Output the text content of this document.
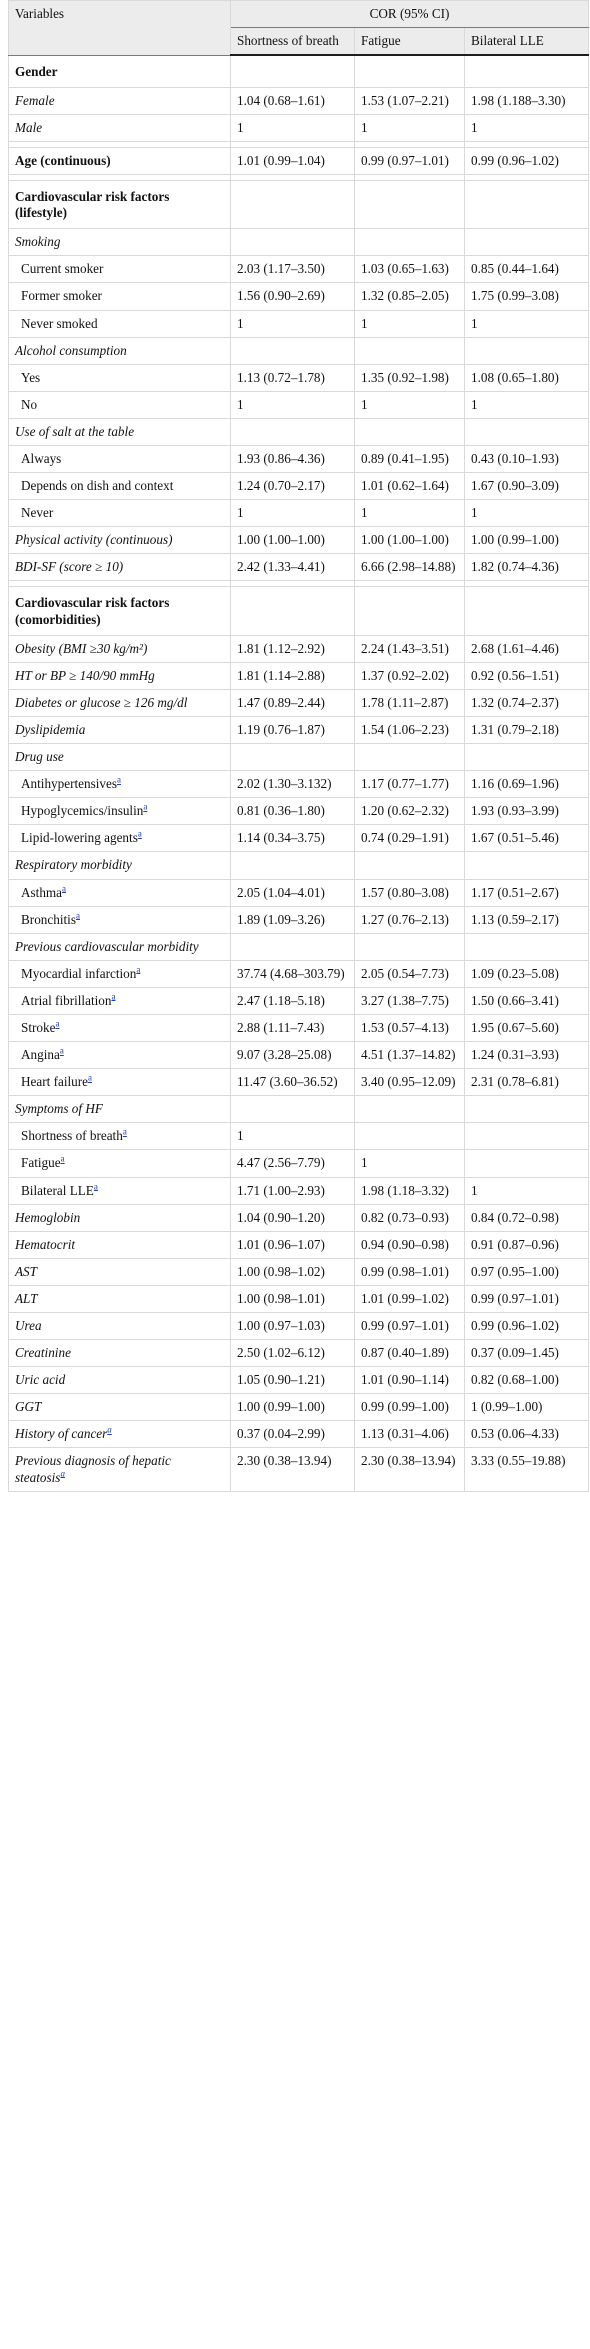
Variables	COR (95% CI)		
	Shortness of breath	Fatigue	Bilateral LLE
Gender			
Female	1.04 (0.68–1.61)	1.53 (1.07–2.21)	1.98 (1.188–3.30)
Male	1	1	1

Age (continuous)	1.01 (0.99–1.04)	0.99 (0.97–1.01)	0.99 (0.96–1.02)

Cardiovascular risk factors (lifestyle)			
Smoking			
Current smoker	2.03 (1.17–3.50)	1.03 (0.65–1.63)	0.85 (0.44–1.64)
Former smoker	1.56 (0.90–2.69)	1.32 (0.85–2.05)	1.75 (0.99–3.08)
Never smoked	1	1	1
Alcohol consumption			
Yes	1.13 (0.72–1.78)	1.35 (0.92–1.98)	1.08 (0.65–1.80)
No	1	1	1
Use of salt at the table			
Always	1.93 (0.86–4.36)	0.89 (0.41–1.95)	0.43 (0.10–1.93)
Depends on dish and context	1.24 (0.70–2.17)	1.01 (0.62–1.64)	1.67 (0.90–3.09)
Never	1	1	1
Physical activity (continuous)	1.00 (1.00–1.00)	1.00 (1.00–1.00)	1.00 (0.99–1.00)
BDI-SF (score ≥ 10)	2.42 (1.33–4.41)	6.66 (2.98–14.88)	1.82 (0.74–4.36)

Cardiovascular risk factors (comorbidities)			
Obesity (BMI ≥30 kg/m²)	1.81 (1.12–2.92)	2.24 (1.43–3.51)	2.68 (1.61–4.46)
HT or BP ≥ 140/90 mmHg	1.81 (1.14–2.88)	1.37 (0.92–2.02)	0.92 (0.56–1.51)
Diabetes or glucose ≥ 126 mg/dl	1.47 (0.89–2.44)	1.78 (1.11–2.87)	1.32 (0.74–2.37)
Dyslipidemia	1.19 (0.76–1.87)	1.54 (1.06–2.23)	1.31 (0.79–2.18)
Drug use			
Antihypertensives$^a$	2.02 (1.30–3.132)	1.17 (0.77–1.77)	1.16 (0.69–1.96)
Hypoglycemics/insulin$^a$	0.81 (0.36–1.80)	1.20 (0.62–2.32)	1.93 (0.93–3.99)
Lipid-lowering agents$^a$	1.14 (0.34–3.75)	0.74 (0.29–1.91)	1.67 (0.51–5.46)
Respiratory morbidity			
Asthma$^a$	2.05 (1.04–4.01)	1.57 (0.80–3.08)	1.17 (0.51–2.67)
Bronchitis$^a$	1.89 (1.09–3.26)	1.27 (0.76–2.13)	1.13 (0.59–2.17)
Previous cardiovascular morbidity			
Myocardial infarction$^a$	37.74 (4.68–303.79)	2.05 (0.54–7.73)	1.09 (0.23–5.08)
Atrial fibrillation$^a$	2.47 (1.18–5.18)	3.27 (1.38–7.75)	1.50 (0.66–3.41)
Stroke$^a$	2.88 (1.11–7.43)	1.53 (0.57–4.13)	1.95 (0.67–5.60)
Angina$^a$	9.07 (3.28–25.08)	4.51 (1.37–14.82)	1.24 (0.31–3.93)
Heart failure$^a$	11.47 (3.60–36.52)	3.40 (0.95–12.09)	2.31 (0.78–6.81)
Symptoms of HF			
Shortness of breath$^a$	1		
Fatigue$^a$	4.47 (2.56–7.79)	1	
Bilateral LLE$^a$	1.71 (1.00–2.93)	1.98 (1.18–3.32)	1
Hemoglobin	1.04 (0.90–1.20)	0.82 (0.73–0.93)	0.84 (0.72–0.98)
Hematocrit	1.01 (0.96–1.07)	0.94 (0.90–0.98)	0.91 (0.87–0.96)
AST	1.00 (0.98–1.02)	0.99 (0.98–1.01)	0.97 (0.95–1.00)
ALT	1.00 (0.98–1.01)	1.01 (0.99–1.02)	0.99 (0.97–1.01)
Urea	1.00 (0.97–1.03)	0.99 (0.97–1.01)	0.99 (0.96–1.02)
Creatinine	2.50 (1.02–6.12)	0.87 (0.40–1.89)	0.37 (0.09–1.45)
Uric acid	1.05 (0.90–1.21)	1.01 (0.90–1.14)	0.82 (0.68–1.00)
GGT	1.00 (0.99–1.00)	0.99 (0.99–1.00)	1 (0.99–1.00)
History of cancer$^a$	0.37 (0.04–2.99)	1.13 (0.31–4.06)	0.53 (0.06–4.33)
Previous diagnosis of hepatic steatosis$^a$	2.30 (0.38–13.94)	2.30 (0.38–13.94)	3.33 (0.55–19.88)
